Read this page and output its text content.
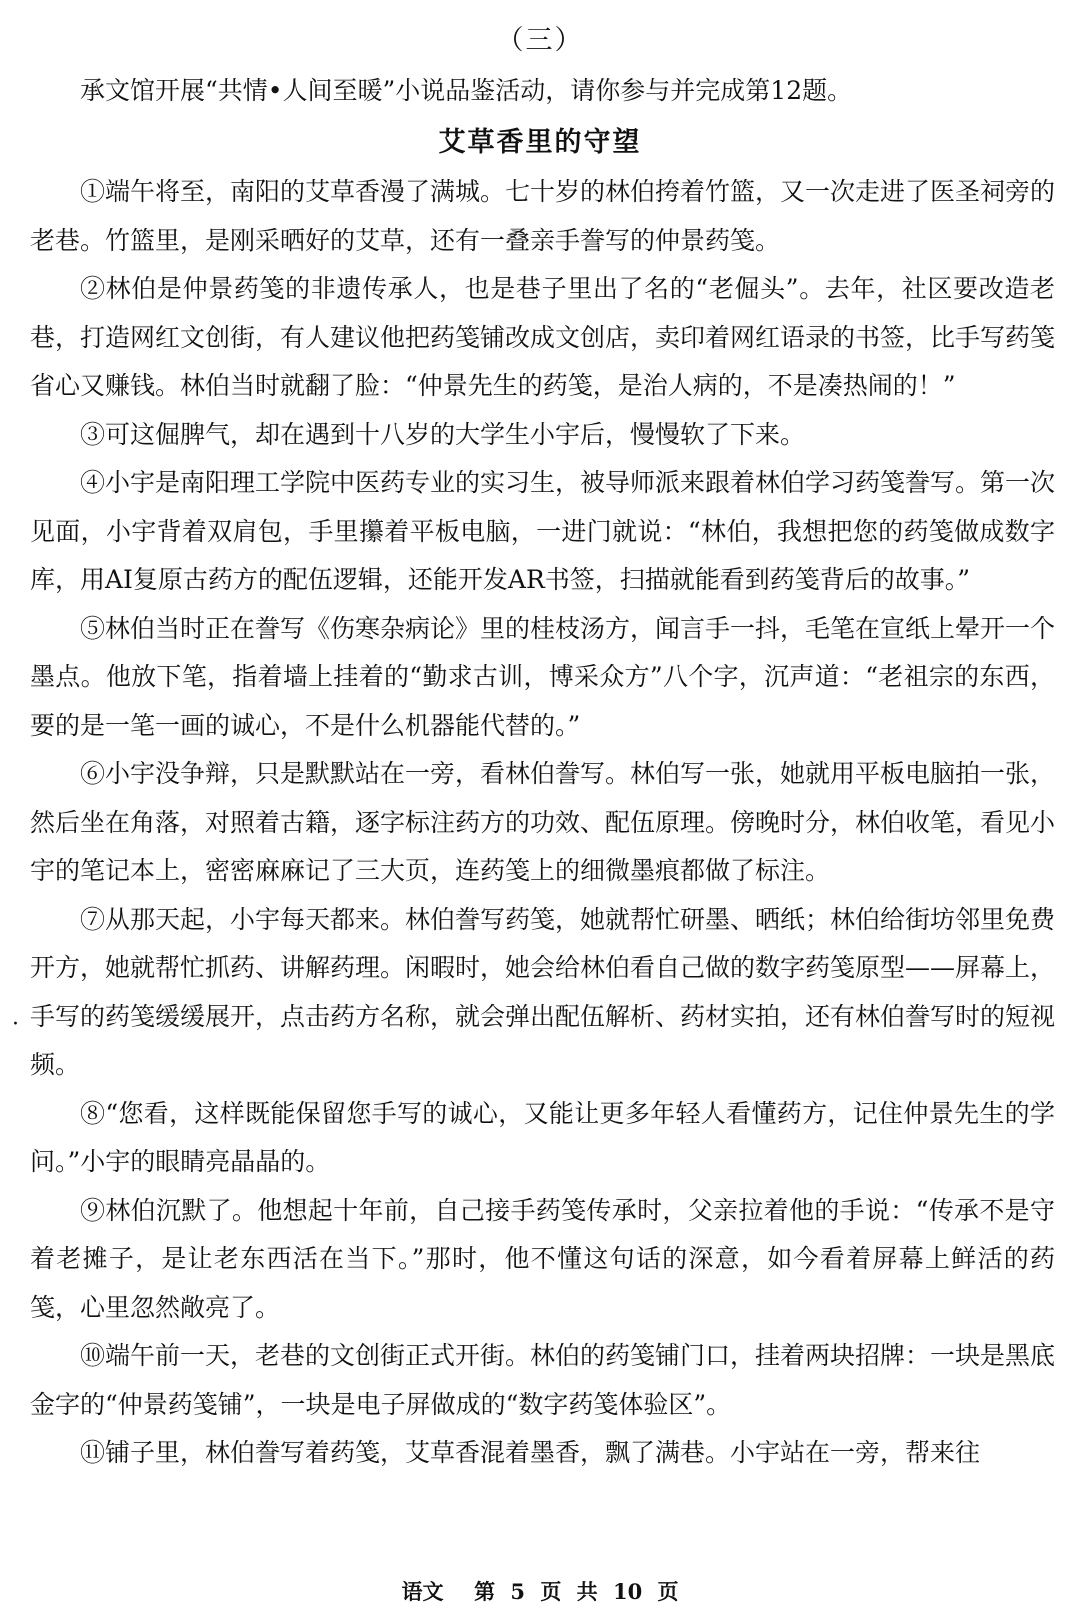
（三）
承文馆开展“共情•人间至暖”小说品鉴活动，请你参与并完成第12题。
艾草香里的守望

①端午将至，南阳的艾草香漫了满城。七十岁的林伯挎着竹篮，又一次走进了医圣祠旁的老巷。竹篮里，是刚采晒好的艾草，还有一叠亲手誊写的仲景药笺。

②林伯是仲景药笺的非遗传承人，也是巷子里出了名的“老倔头”。去年，社区要改造老巷，打造网红文创街，有人建议他把药笺铺改成文创店，卖印着网红语录的书签，比手写药笺省心又赚钱。林伯当时就翻了脸：“仲景先生的药笺，是治人病的，不是凑热闹的！”

③可这倔脾气，却在遇到十八岁的大学生小宇后，慢慢软了下来。

④小宇是南阳理工学院中医药专业的实习生，被导师派来跟着林伯学习药笺誊写。第一次见面，小宇背着双肩包，手里攥着平板电脑，一进门就说：“林伯，我想把您的药笺做成数字库，用AI复原古药方的配伍逻辑，还能开发AR书签，扫描就能看到药笺背后的故事。”

⑤林伯当时正在誊写《伤寒杂病论》里的桂枝汤方，闻言手一抖，毛笔在宣纸上晕开一个墨点。他放下笔，指着墙上挂着的“勤求古训，博采众方”八个字，沉声道：“老祖宗的东西，要的是一笔一画的诚心，不是什么机器能代替的。”

⑥小宇没争辩，只是默默站在一旁，看林伯誊写。林伯写一张，她就用平板电脑拍一张，然后坐在角落，对照着古籍，逐字标注药方的功效、配伍原理。傍晚时分，林伯收笔，看见小宇的笔记本上，密密麻麻记了三大页，连药笺上的细微墨痕都做了标注。

⑦从那天起，小宇每天都来。林伯誊写药笺，她就帮忙研墨、晒纸；林伯给街坊邻里免费开方，她就帮忙抓药、讲解药理。闲暇时，她会给林伯看自己做的数字药笺原型——屏幕上，手写的药笺缓缓展开，点击药方名称，就会弹出配伍解析、药材实拍，还有林伯誊写时的短视频。

⑧“您看，这样既能保留您手写的诚心，又能让更多年轻人看懂药方，记住仲景先生的学问。”小宇的眼睛亮晶晶的。

⑨林伯沉默了。他想起十年前，自己接手药笺传承时，父亲拉着他的手说：“传承不是守着老摊子，是让老东西活在当下。”那时，他不懂这句话的深意，如今看着屏幕上鲜活的药笺，心里忽然敞亮了。

⑩端午前一天，老巷的文创街正式开街。林伯的药笺铺门口，挂着两块招牌：一块是黑底金字的“仲景药笺铺”，一块是电子屏做成的“数字药笺体验区”。

⑪铺子里，林伯誊写着药笺，艾草香混着墨香，飘了满巷。小宇站在一旁，帮来往

·
语文  第 5 页 共 10 页
